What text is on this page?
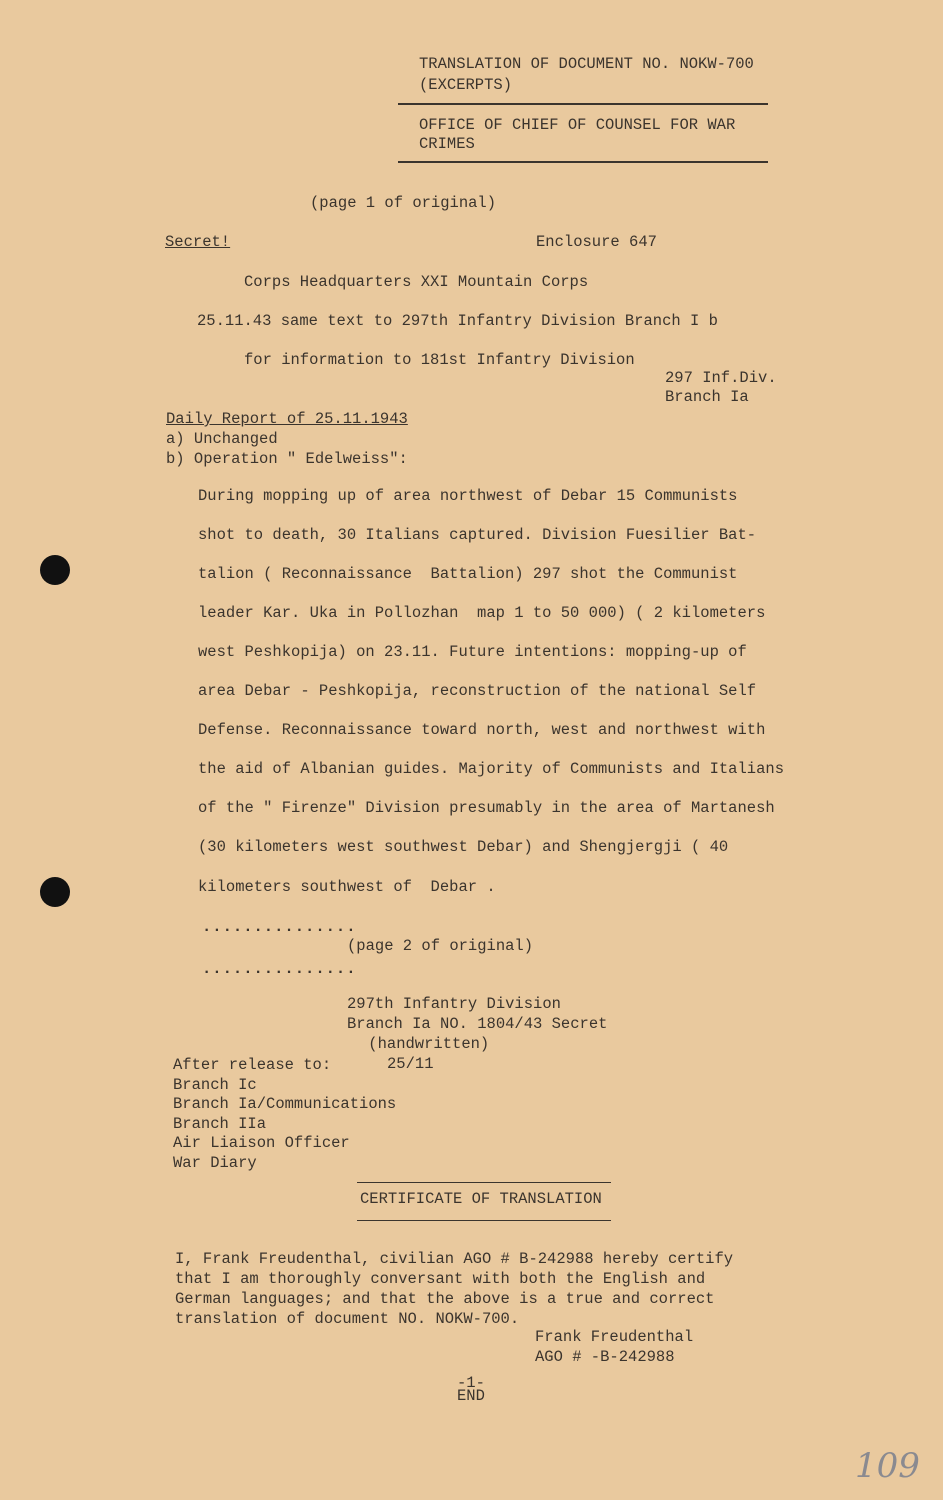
TRANSLATION OF DOCUMENT NO. NOKW-700
(EXCERPTS)
OFFICE OF CHIEF OF COUNSEL FOR WAR
CRIMES
(page 1 of original)
Secret!	Enclosure 647
Corps Headquarters XXI Mountain Corps
25.11.43 same text to 297th Infantry Division Branch I b
for information to 181st Infantry Division
297 Inf.Div.
Branch Ia
Daily Report of 25.11.1943
a) Unchanged
b) Operation " Edelweiss":
During mopping up of area northwest of Debar 15 Communists
shot to death, 30 Italians captured. Division Fuesilier Bat-
talion ( Reconnaissance  Battalion) 297 shot the Communist
leader Kar. Uka in Pollozhan  map 1 to 50 000) ( 2 kilometers
west Peshkopija) on 23.11. Future intentions: mopping-up of
area Debar - Peshkopija, reconstruction of the national Self
Defense. Reconnaissance toward north, west and northwest with
the aid of Albanian guides. Majority of Communists and Italians
of the " Firenze" Division presumably in the area of Martanesh
(30 kilometers west southwest Debar) and Shengjergji ( 40
kilometers southwest of  Debar .
...............
(page 2 of original)
...............
297th Infantry Division
Branch Ia NO. 1804/43 Secret
(handwritten)
After release to:	25/11
Branch Ic
Branch Ia/Communications
Branch IIa
Air Liaison Officer
War Diary
CERTIFICATE OF TRANSLATION
I, Frank Freudenthal, civilian AGO # B-242988 hereby certify
that I am thoroughly conversant with both the English and
German languages; and that the above is a true and correct
translation of document NO. NOKW-700.
Frank Freudenthal
AGO # -B-242988
-1-
END
109
